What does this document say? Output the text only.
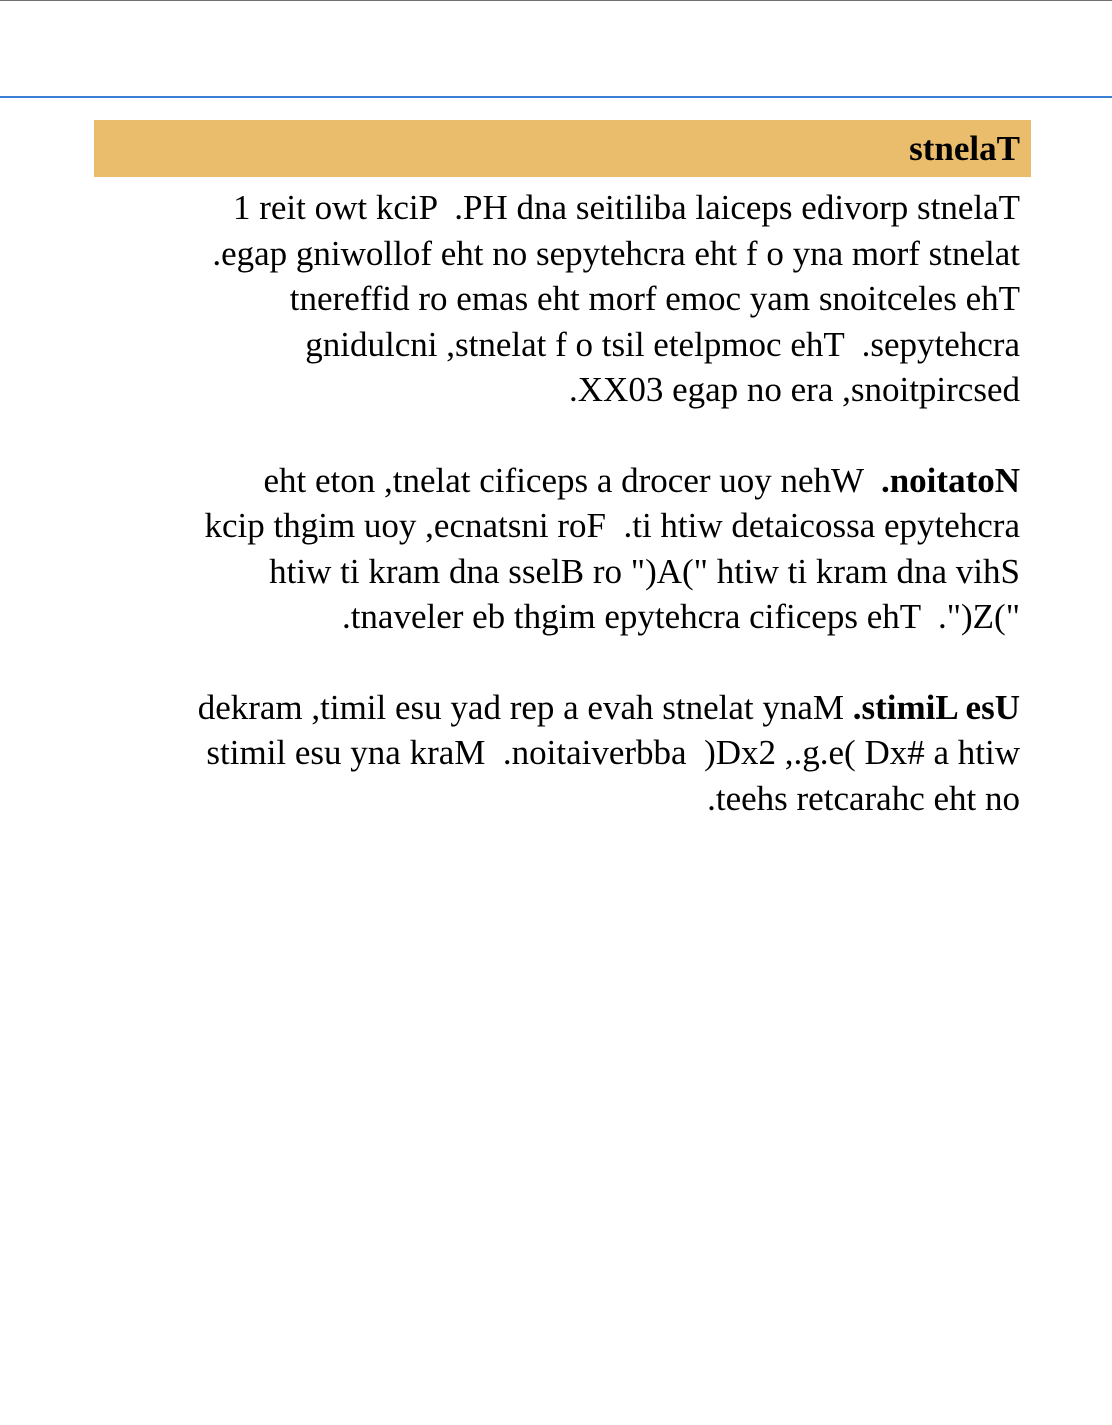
stnelaT

1 reit owt kciP  .PH dna seitiliba laiceps edivorp stnelaT
.egap gniwollof eht no sepytehcra eht f o yna morf stnelat
tnereffid ro emas eht morf emoc yam snoitceles ehT
gnidulcni ,stnelat f o tsil etelpmoc ehT  .sepytehcra
.XX03 egap no era ,snoitpircsed

eht eton ,tnelat cificeps a drocer uoy nehW  .noitatoN
kcip thgim uoy ,ecnatsni roF  .ti htiw detaicossa epytehcra
htiw ti kram dna sselB ro ")A(" htiw ti kram dna vihS
.tnaveler eb thgim epytehcra cificeps ehT  .")Z("

dekram ,timil esu yad rep a evah stnelat ynaM .stimiL esU
stimil esu yna kraM  .noitaiverbba  )Dx2 ,.g.e( Dx# a htiw
.teehs retcarahc eht no
